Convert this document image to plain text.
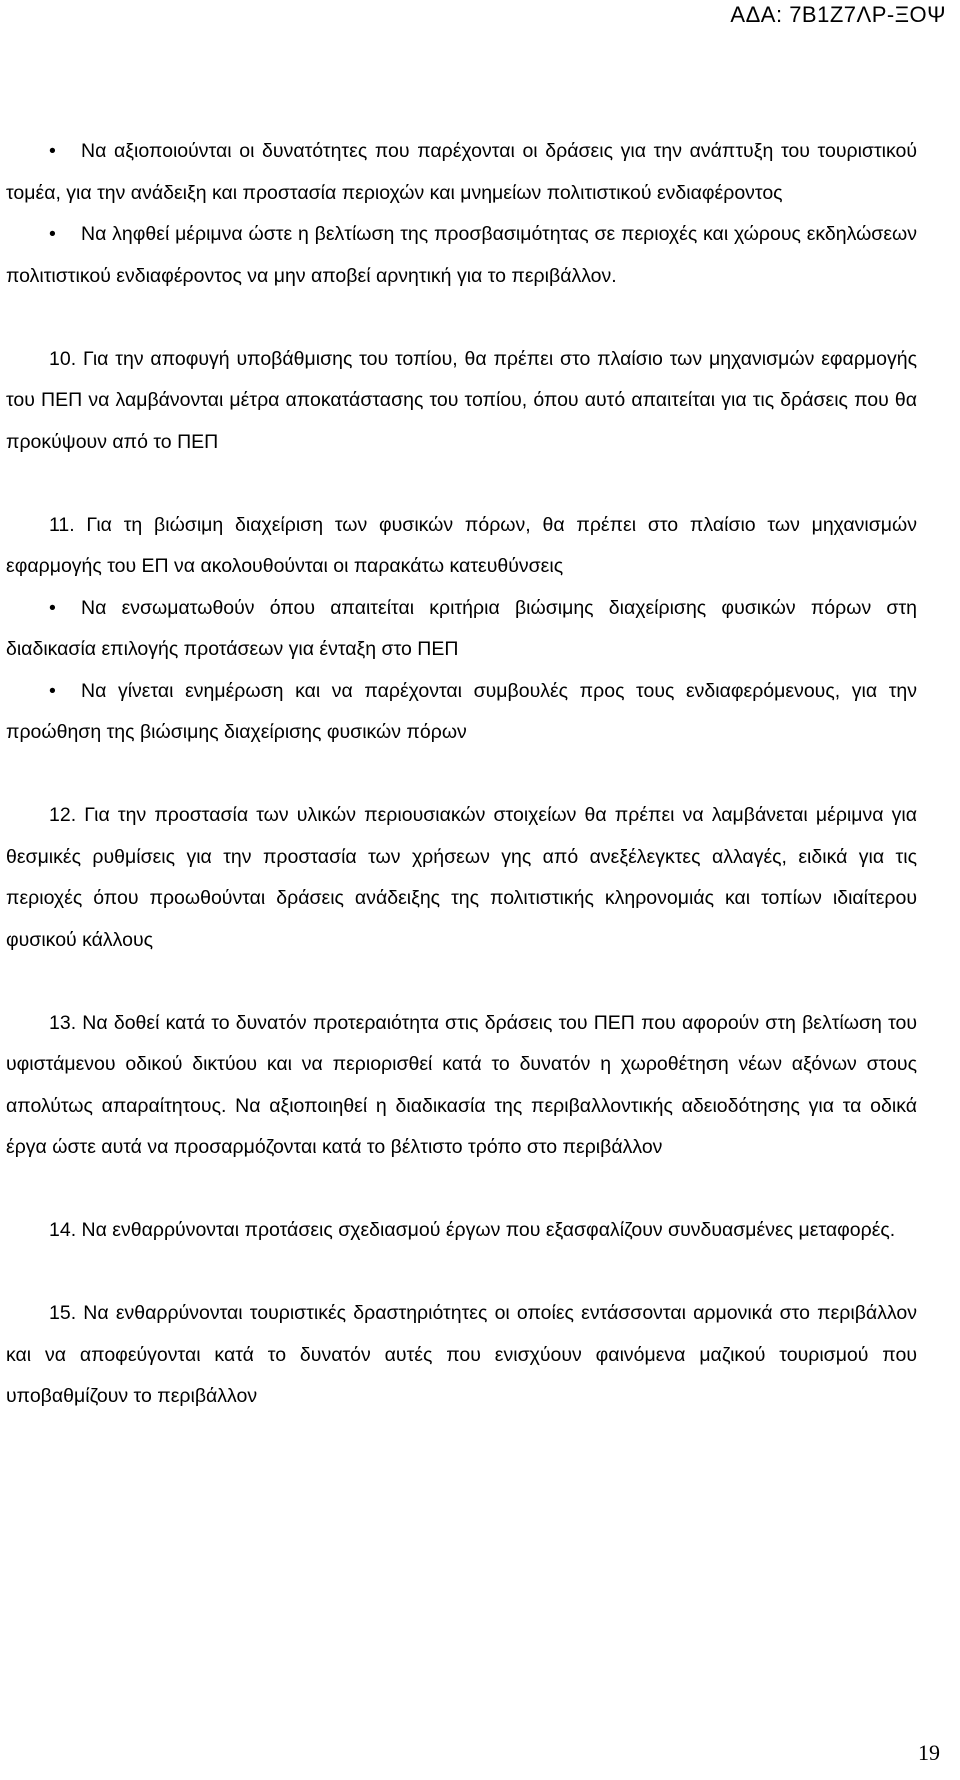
ΑΔΑ: 7Β1Ζ7ΛΡ-ΞΟΨ

• Να αξιοποιούνται οι δυνατότητες που παρέχονται οι δράσεις για την ανάπτυξη του τουριστικού τομέα, για την ανάδειξη και προστασία περιοχών και μνημείων πολιτιστικού ενδιαφέροντος

• Να ληφθεί μέριμνα ώστε η βελτίωση της προσβασιμότητας σε περιοχές και χώρους εκδηλώσεων πολιτιστικού ενδιαφέροντος να μην αποβεί αρνητική για το περιβάλλον.

10. Για την αποφυγή υποβάθμισης του τοπίου, θα πρέπει στο πλαίσιο των μηχανισμών εφαρμογής του ΠΕΠ να λαμβάνονται μέτρα αποκατάστασης του τοπίου, όπου αυτό απαιτείται για τις δράσεις που θα προκύψουν από το ΠΕΠ

11. Για τη βιώσιμη διαχείριση των φυσικών πόρων, θα πρέπει στο πλαίσιο των μηχανισμών εφαρμογής του ΕΠ να ακολουθούνται οι παρακάτω κατευθύνσεις

• Να ενσωματωθούν όπου απαιτείται κριτήρια βιώσιμης διαχείρισης φυσικών πόρων στη διαδικασία επιλογής προτάσεων για ένταξη στο ΠΕΠ

• Να γίνεται ενημέρωση και να παρέχονται συμβουλές προς τους ενδιαφερόμενους, για την προώθηση της βιώσιμης διαχείρισης φυσικών πόρων

12. Για την προστασία των υλικών περιουσιακών στοιχείων θα πρέπει να λαμβάνεται μέριμνα για θεσμικές ρυθμίσεις για την προστασία των χρήσεων γης από ανεξέλεγκτες αλλαγές, ειδικά για τις περιοχές όπου προωθούνται δράσεις ανάδειξης της πολιτιστικής κληρονομιάς και τοπίων ιδιαίτερου φυσικού κάλλους

13. Να δοθεί κατά το δυνατόν προτεραιότητα στις δράσεις του ΠΕΠ που αφορούν στη βελτίωση του υφιστάμενου οδικού δικτύου και να περιορισθεί κατά το δυνατόν η χωροθέτηση νέων αξόνων στους απολύτως απαραίτητους. Να αξιοποιηθεί η διαδικασία της περιβαλλοντικής αδειοδότησης για τα οδικά έργα ώστε αυτά να προσαρμόζονται κατά το βέλτιστο τρόπο στο περιβάλλον

14. Να ενθαρρύνονται προτάσεις σχεδιασμού έργων που εξασφαλίζουν συνδυασμένες μεταφορές.

15. Να ενθαρρύνονται τουριστικές δραστηριότητες οι οποίες εντάσσονται αρμονικά στο περιβάλλον και να αποφεύγονται κατά το δυνατόν αυτές που ενισχύουν φαινόμενα μαζικού τουρισμού που υποβαθμίζουν το περιβάλλον

19
